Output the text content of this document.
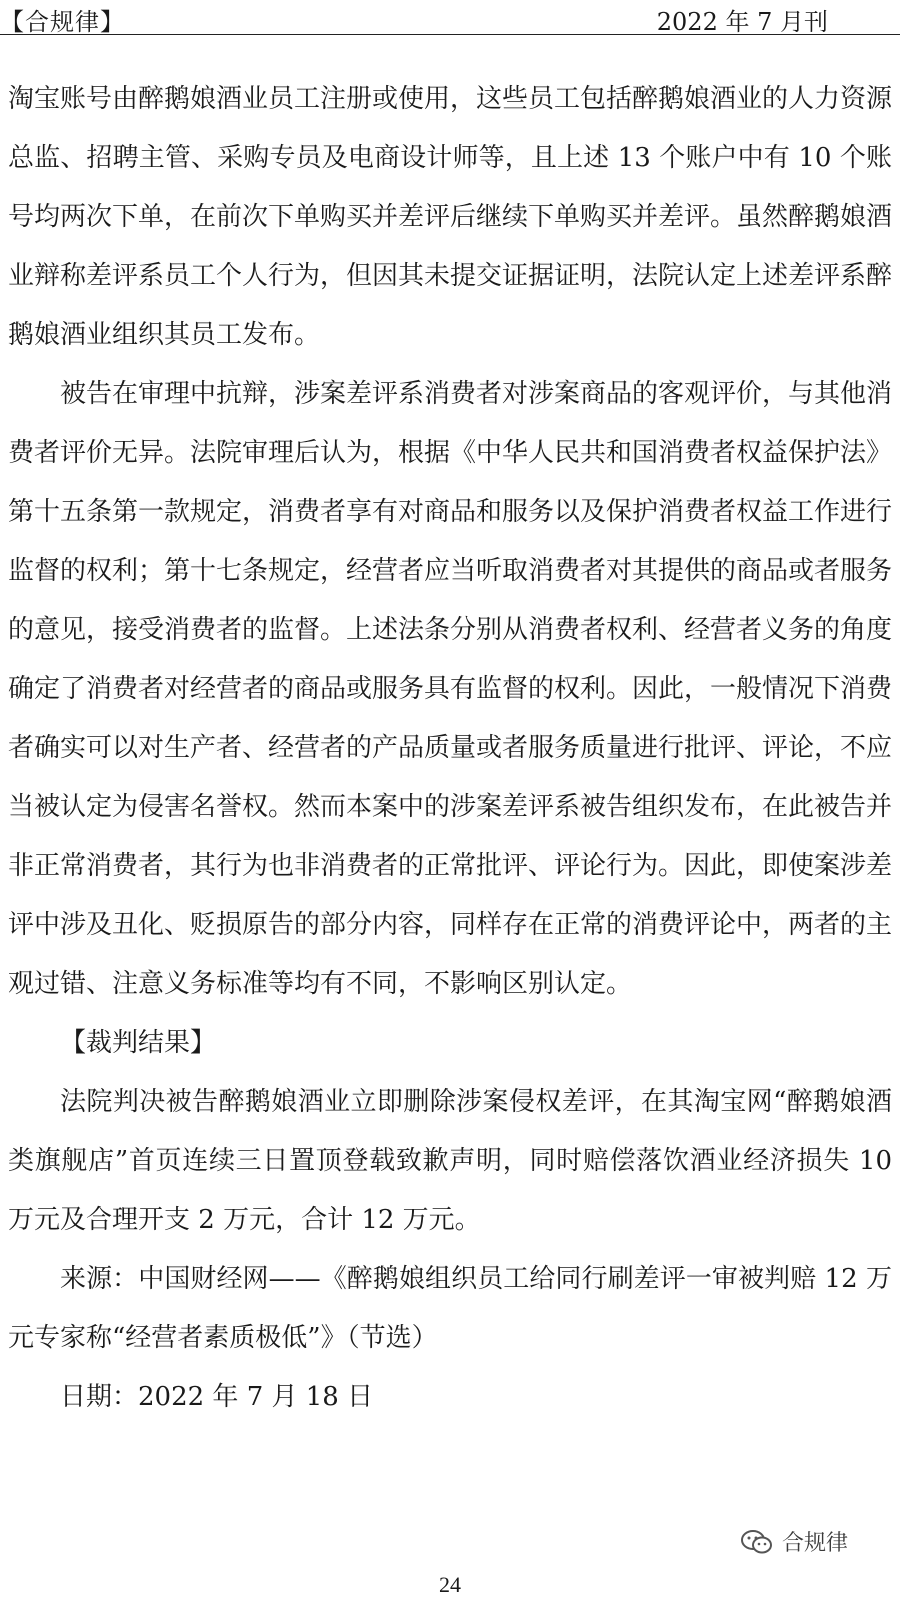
【合规律】	2022 年 7 月刊

淘宝账号由醉鹅娘酒业员工注册或使用，这些员工包括醉鹅娘酒业的人力资源总监、招聘主管、采购专员及电商设计师等，且上述 13 个账户中有 10 个账号均两次下单，在前次下单购买并差评后继续下单购买并差评。虽然醉鹅娘酒业辩称差评系员工个人行为，但因其未提交证据证明，法院认定上述差评系醉鹅娘酒业组织其员工发布。

被告在审理中抗辩，涉案差评系消费者对涉案商品的客观评价，与其他消费者评价无异。法院审理后认为，根据《中华人民共和国消费者权益保护法》第十五条第一款规定，消费者享有对商品和服务以及保护消费者权益工作进行监督的权利；第十七条规定，经营者应当听取消费者对其提供的商品或者服务的意见，接受消费者的监督。上述法条分别从消费者权利、经营者义务的角度确定了消费者对经营者的商品或服务具有监督的权利。因此，一般情况下消费者确实可以对生产者、经营者的产品质量或者服务质量进行批评、评论，不应当被认定为侵害名誉权。然而本案中的涉案差评系被告组织发布，在此被告并非正常消费者，其行为也非消费者的正常批评、评论行为。因此，即使案涉差评中涉及丑化、贬损原告的部分内容，同样存在正常的消费评论中，两者的主观过错、注意义务标准等均有不同，不影响区别认定。

【裁判结果】

法院判决被告醉鹅娘酒业立即删除涉案侵权差评，在其淘宝网“醉鹅娘酒类旗舰店”首页连续三日置顶登载致歉声明，同时赔偿落饮酒业经济损失 10 万元及合理开支 2 万元，合计 12 万元。

来源：中国财经网——《醉鹅娘组织员工给同行刷差评一审被判赔 12 万元专家称“经营者素质极低”》（节选）

日期：2022 年 7 月 18 日

合规律
24
